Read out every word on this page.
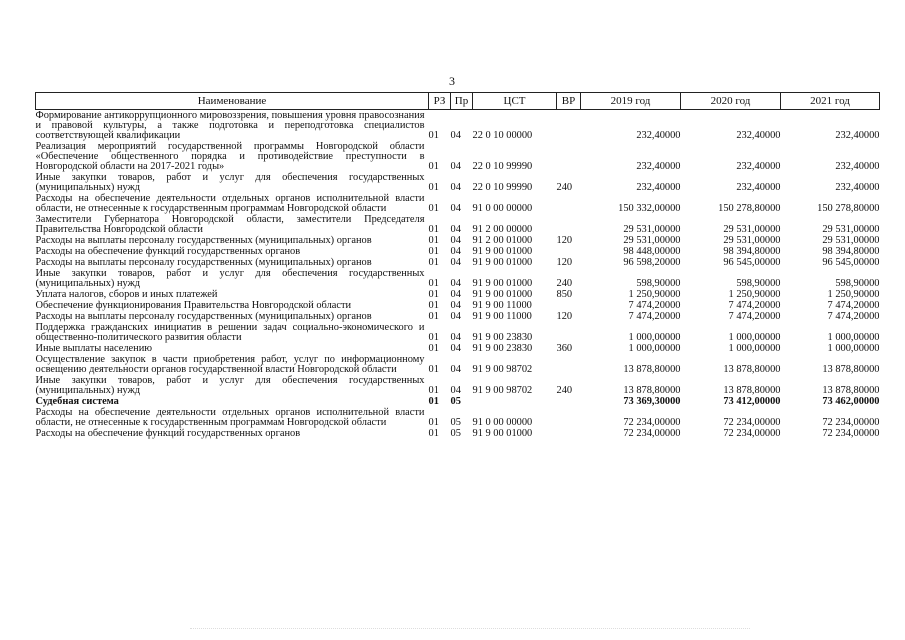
3
Наименование	РЗ	Пр	ЦСТ	ВР	2019 год	2020 год	2021 год
Формирование антикоррупционного мировоззрения, повышения уровня правосознания и правовой культуры, а также подготовка и переподготовка специалистов соответствующей квалификации	01	04	22 0 10 00000		232,40000	232,40000	232,40000
Реализация мероприятий государственной программы Новгородской области «Обеспечение общественного порядка и противодействие преступности в Новгородской области на 2017-2021 годы»	01	04	22 0 10 99990		232,40000	232,40000	232,40000
Иные закупки товаров, работ и услуг для обеспечения государственных (муниципальных) нужд	01	04	22 0 10 99990	240	232,40000	232,40000	232,40000
Расходы на обеспечение деятельности отдельных органов исполнительной власти области, не отнесенные к государственным программам Новгородской области	01	04	91 0 00 00000		150 332,00000	150 278,80000	150 278,80000
Заместители Губернатора Новгородской области, заместители Председателя Правительства Новгородской области	01	04	91 2 00 00000		29 531,00000	29 531,00000	29 531,00000
Расходы на выплаты персоналу государственных (муниципальных) органов	01	04	91 2 00 01000	120	29 531,00000	29 531,00000	29 531,00000
Расходы на обеспечение функций государственных органов	01	04	91 9 00 01000		98 448,00000	98 394,80000	98 394,80000
Расходы на выплаты персоналу государственных (муниципальных) органов	01	04	91 9 00 01000	120	96 598,20000	96 545,00000	96 545,00000
Иные закупки товаров, работ и услуг для обеспечения государственных (муниципальных) нужд	01	04	91 9 00 01000	240	598,90000	598,90000	598,90000
Уплата налогов, сборов и иных платежей	01	04	91 9 00 01000	850	1 250,90000	1 250,90000	1 250,90000
Обеспечение функционирования Правительства Новгородской области	01	04	91 9 00 11000		7 474,20000	7 474,20000	7 474,20000
Расходы на выплаты персоналу государственных (муниципальных) органов	01	04	91 9 00 11000	120	7 474,20000	7 474,20000	7 474,20000
Поддержка гражданских инициатив в решении задач социально-экономического и общественно-политического развития области	01	04	91 9 00 23830		1 000,00000	1 000,00000	1 000,00000
Иные выплаты населению	01	04	91 9 00 23830	360	1 000,00000	1 000,00000	1 000,00000
Осуществление закупок в части приобретения работ, услуг по информационному освещению деятельности органов государственной власти Новгородской области	01	04	91 9 00 98702		13 878,80000	13 878,80000	13 878,80000
Иные закупки товаров, работ и услуг для обеспечения государственных (муниципальных) нужд	01	04	91 9 00 98702	240	13 878,80000	13 878,80000	13 878,80000
Судебная система	01	05			73 369,30000	73 412,00000	73 462,00000
Расходы на обеспечение деятельности отдельных органов исполнительной власти области, не отнесенные к государственным программам Новгородской области	01	05	91 0 00 00000		72 234,00000	72 234,00000	72 234,00000
Расходы на обеспечение функций государственных органов	01	05	91 9 00 01000		72 234,00000	72 234,00000	72 234,00000
